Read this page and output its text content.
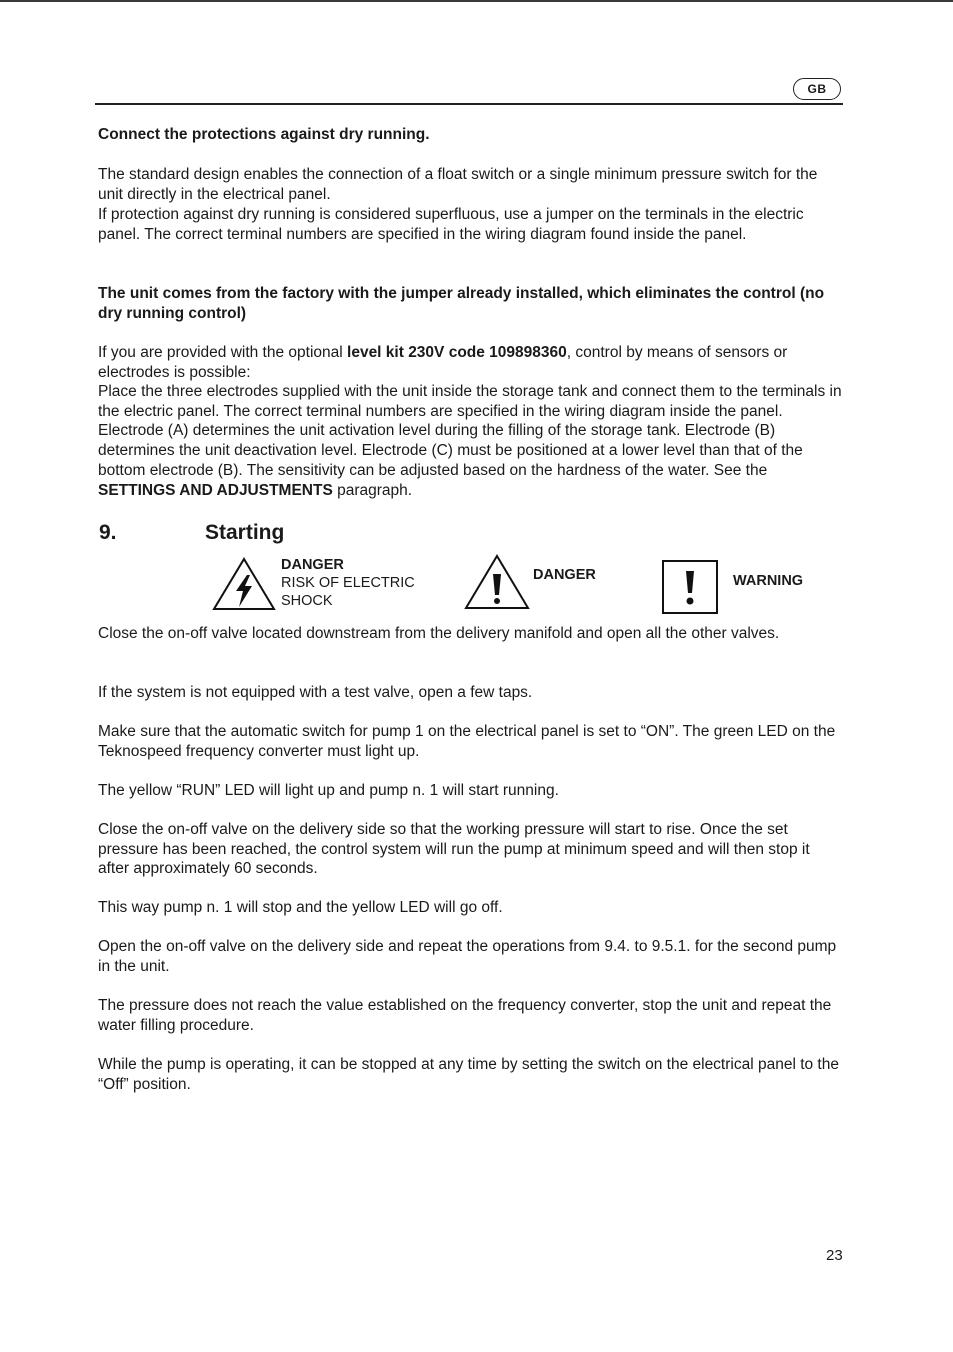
GB
Connect the protections against dry running.
The standard design enables the connection of a float switch or a single minimum pressure switch for the unit directly in the electrical panel.
If protection against dry running is considered superfluous, use a jumper on the terminals in the electric panel. The correct terminal numbers are specified in the wiring diagram found inside the panel.
The unit comes from the factory with the jumper already installed, which eliminates the control (no dry running control)
If you are provided with the optional level kit 230V code 109898360, control by means of sensors or electrodes is possible:
Place the three electrodes supplied with the unit inside the storage tank and connect them to the terminals in the electric panel. The correct terminal numbers are specified in the wiring diagram inside the panel. Electrode (A) determines the unit activation level during the filling of the storage tank. Electrode (B) determines the unit deactivation level. Electrode (C) must be positioned at a lower level than that of the bottom electrode (B). The sensitivity can be adjusted based on the hardness of the water. See the SETTINGS AND ADJUSTMENTS paragraph.
9.	Starting
DANGER
RISK OF ELECTRIC
SHOCK
DANGER	WARNING
Close the on-off valve located downstream from the delivery manifold and open all the other valves.
If the system is not equipped with a test valve, open a few taps.
Make sure that the automatic switch for pump 1 on the electrical panel is set to “ON”. The green LED on the Teknospeed frequency converter must light up.
The yellow “RUN” LED will light up and pump n. 1 will start running.
Close the on-off valve on the delivery side so that the working pressure will start to rise. Once the set pressure has been reached, the control system will run the pump at minimum speed and will then stop it after approximately 60 seconds.
This way pump n. 1 will stop and the yellow LED will go off.
Open the on-off valve on the delivery side and repeat the operations from 9.4. to 9.5.1. for the second pump in the unit.
The pressure does not reach the value established on the frequency converter, stop the unit and repeat the water filling procedure.
While the pump is operating, it can be stopped at any time by setting the switch on the electrical panel to the “Off” position.
23
